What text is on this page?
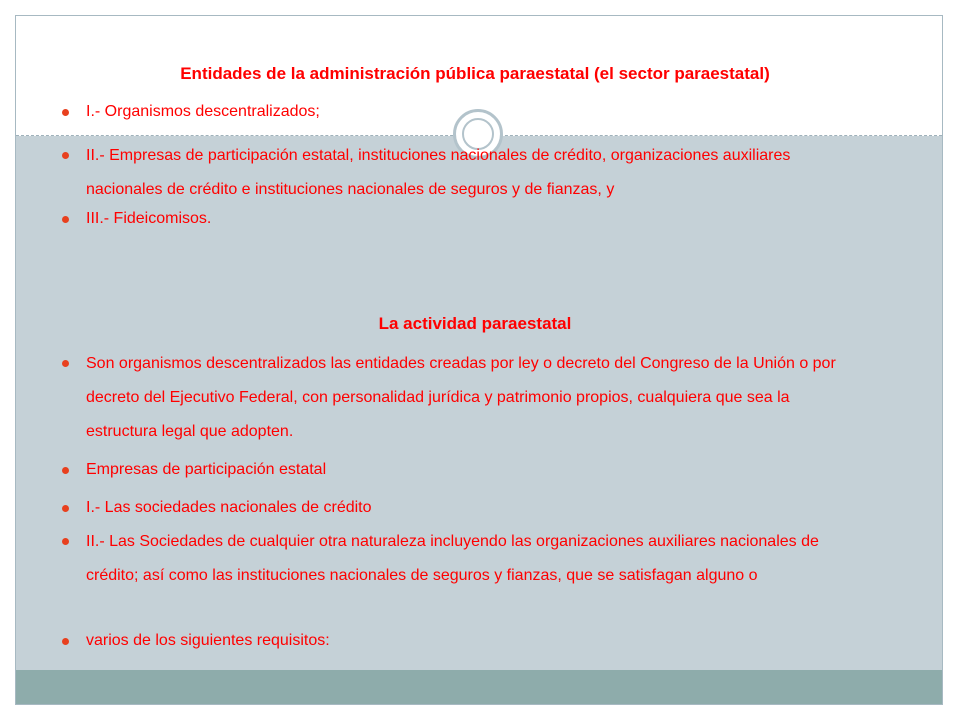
Entidades de la administración pública paraestatal (el sector paraestatal)

I.- Organismos descentralizados;
II.- Empresas de participación estatal, instituciones nacionales de crédito, organizaciones auxiliares nacionales de crédito e instituciones nacionales de seguros y de fianzas, y
III.- Fideicomisos.

La actividad paraestatal

Son organismos descentralizados las entidades creadas por ley o decreto del Congreso de la Unión o por decreto del Ejecutivo Federal, con personalidad jurídica y patrimonio propios, cualquiera que sea la estructura legal que adopten.
Empresas de participación estatal
I.- Las sociedades nacionales de crédito
II.- Las Sociedades de cualquier otra naturaleza incluyendo las organizaciones auxiliares nacionales de crédito; así como las instituciones nacionales de seguros y fianzas, que se satisfagan alguno o
varios de los siguientes requisitos:
